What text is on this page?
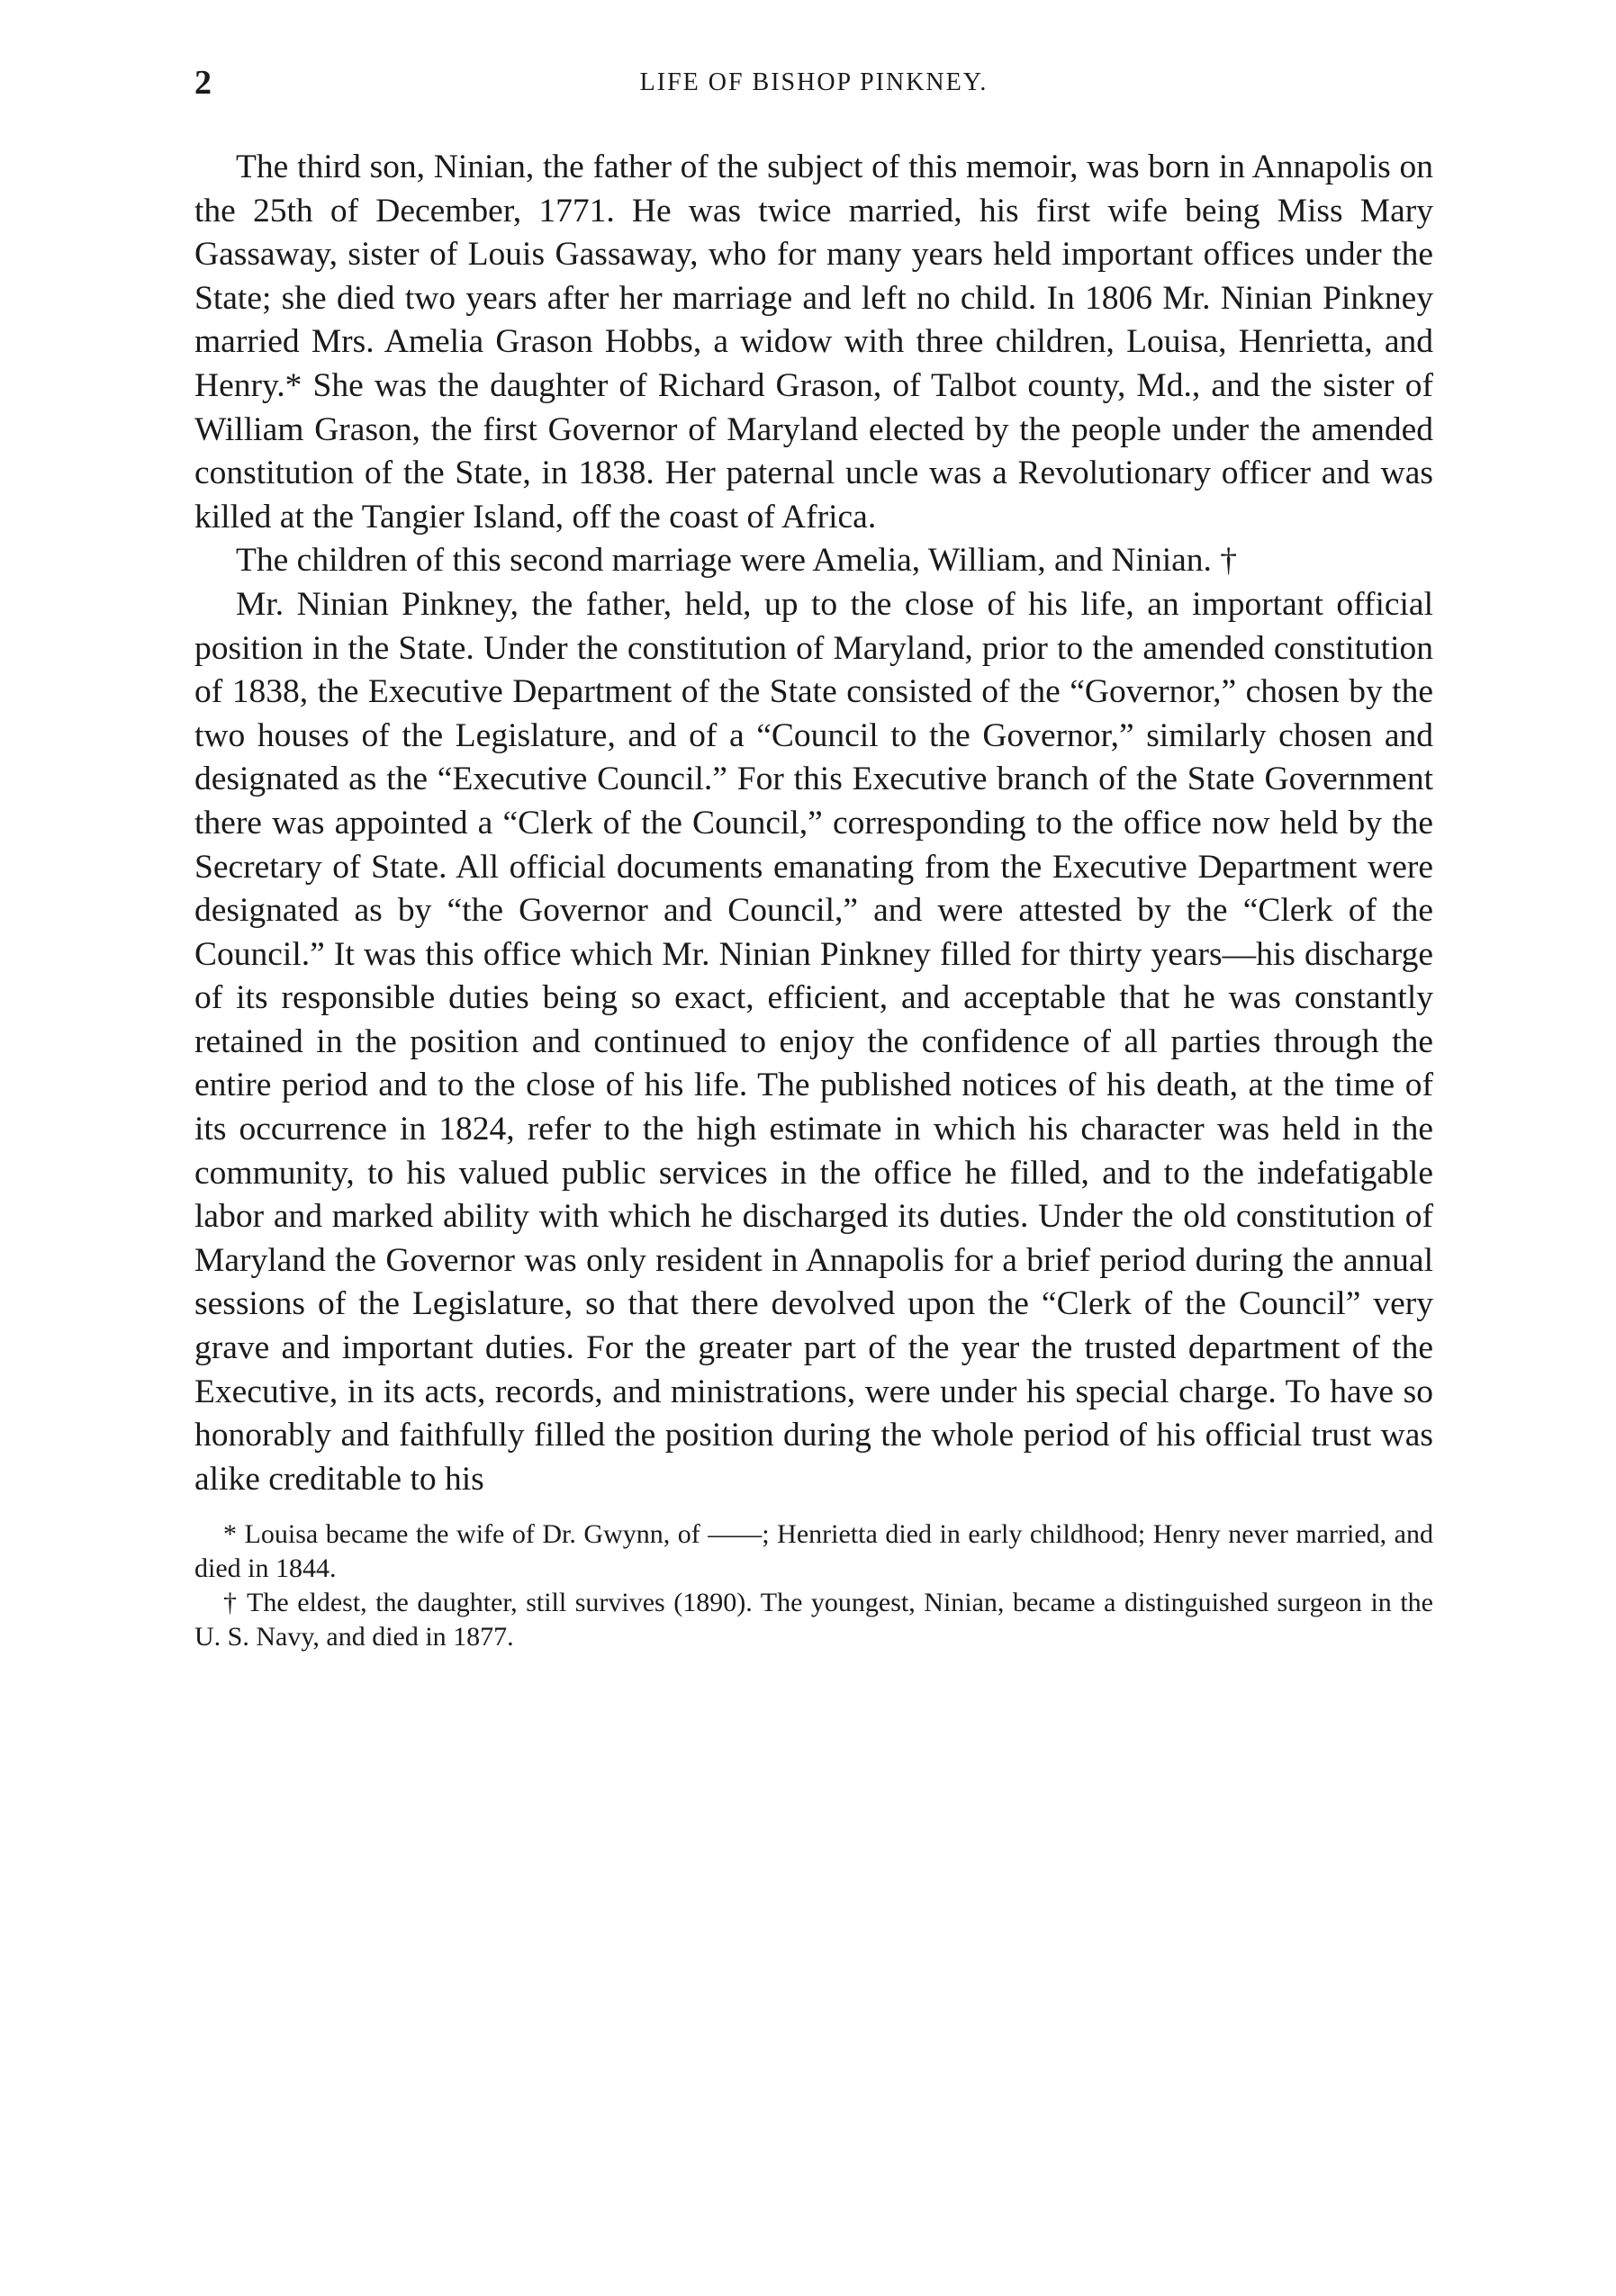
2	LIFE OF BISHOP PINKNEY.

The third son, Ninian, the father of the subject of this memoir, was born in Annapolis on the 25th of December, 1771. He was twice married, his first wife being Miss Mary Gassaway, sister of Louis Gassaway, who for many years held important offices under the State; she died two years after her marriage and left no child. In 1806 Mr. Ninian Pinkney married Mrs. Amelia Grason Hobbs, a widow with three children, Louisa, Henrietta, and Henry.* She was the daughter of Richard Grason, of Talbot county, Md., and the sister of William Grason, the first Governor of Maryland elected by the people under the amended constitution of the State, in 1838. Her paternal uncle was a Revolutionary officer and was killed at the Tangier Island, off the coast of Africa.

The children of this second marriage were Amelia, William, and Ninian. †

Mr. Ninian Pinkney, the father, held, up to the close of his life, an important official position in the State. Under the constitution of Maryland, prior to the amended constitution of 1838, the Executive Department of the State consisted of the “Governor,” chosen by the two houses of the Legislature, and of a “Council to the Governor,” similarly chosen and designated as the “Executive Council.” For this Executive branch of the State Government there was appointed a “Clerk of the Council,” corresponding to the office now held by the Secretary of State. All official documents emanating from the Executive Department were designated as by “the Governor and Council,” and were attested by the “Clerk of the Council.” It was this office which Mr. Ninian Pinkney filled for thirty years—his discharge of its responsible duties being so exact, efficient, and acceptable that he was constantly retained in the position and continued to enjoy the confidence of all parties through the entire period and to the close of his life. The published notices of his death, at the time of its occurrence in 1824, refer to the high estimate in which his character was held in the community, to his valued public services in the office he filled, and to the indefatigable labor and marked ability with which he discharged its duties. Under the old constitution of Maryland the Governor was only resident in Annapolis for a brief period during the annual sessions of the Legislature, so that there devolved upon the “Clerk of the Council” very grave and important duties. For the greater part of the year the trusted department of the Executive, in its acts, records, and ministrations, were under his special charge. To have so honorably and faithfully filled the position during the whole period of his official trust was alike creditable to his

* Louisa became the wife of Dr. Gwynn, of ——; Henrietta died in early childhood; Henry never married, and died in 1844.

† The eldest, the daughter, still survives (1890). The youngest, Ninian, became a distinguished surgeon in the U. S. Navy, and died in 1877.
